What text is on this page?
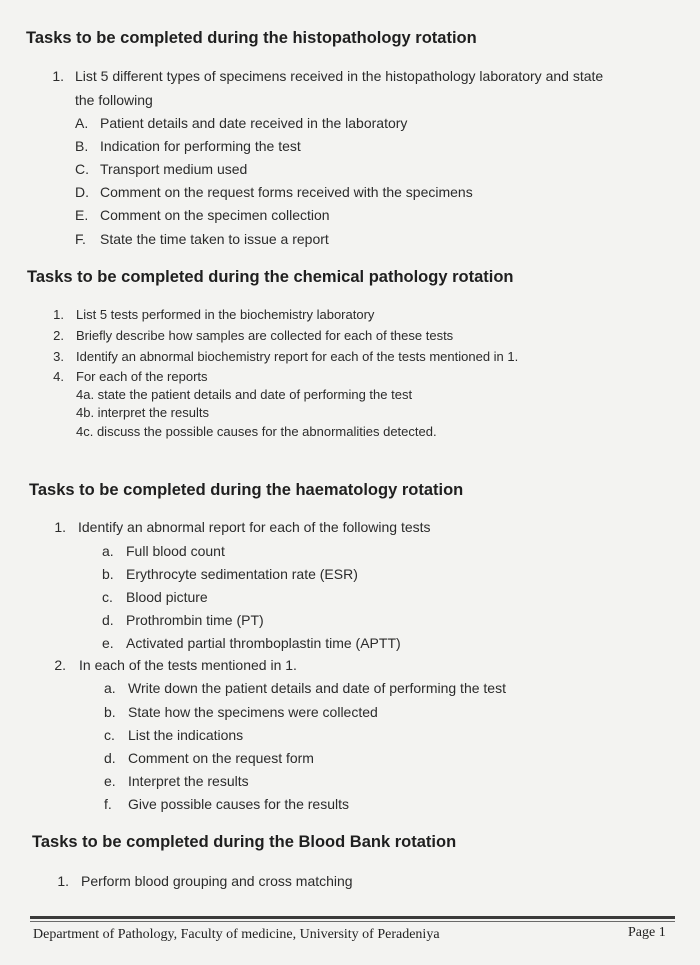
Tasks to be completed during the histopathology rotation
1. List 5 different types of specimens received in the histopathology laboratory and state
the following
A. Patient details and date received in the laboratory
B. Indication for performing the test
C. Transport medium used
D. Comment on the request forms received with the specimens
E. Comment on the specimen collection
F. State the time taken to issue a report
Tasks to be completed during the chemical pathology rotation
1. List 5 tests performed in the biochemistry laboratory
2. Briefly describe how samples are collected for each of these tests
3. Identify an abnormal biochemistry report for each of the tests mentioned in 1.
4. For each of the reports
4a. state the patient details and date of performing the test
4b. interpret the results
4c. discuss the possible causes for the abnormalities detected.
Tasks to be completed during the haematology rotation
1. Identify an abnormal report for each of the following tests
a. Full blood count
b. Erythrocyte sedimentation rate (ESR)
c. Blood picture
d. Prothrombin time (PT)
e. Activated partial thromboplastin time (APTT)
2. In each of the tests mentioned in 1.
a. Write down the patient details and date of performing the test
b. State how the specimens were collected
c. List the indications
d. Comment on the request form
e. Interpret the results
f. Give possible causes for the results
Tasks to be completed during the Blood Bank rotation
1. Perform blood grouping and cross matching
Department of Pathology, Faculty of medicine, University of Peradeniya	Page 1
